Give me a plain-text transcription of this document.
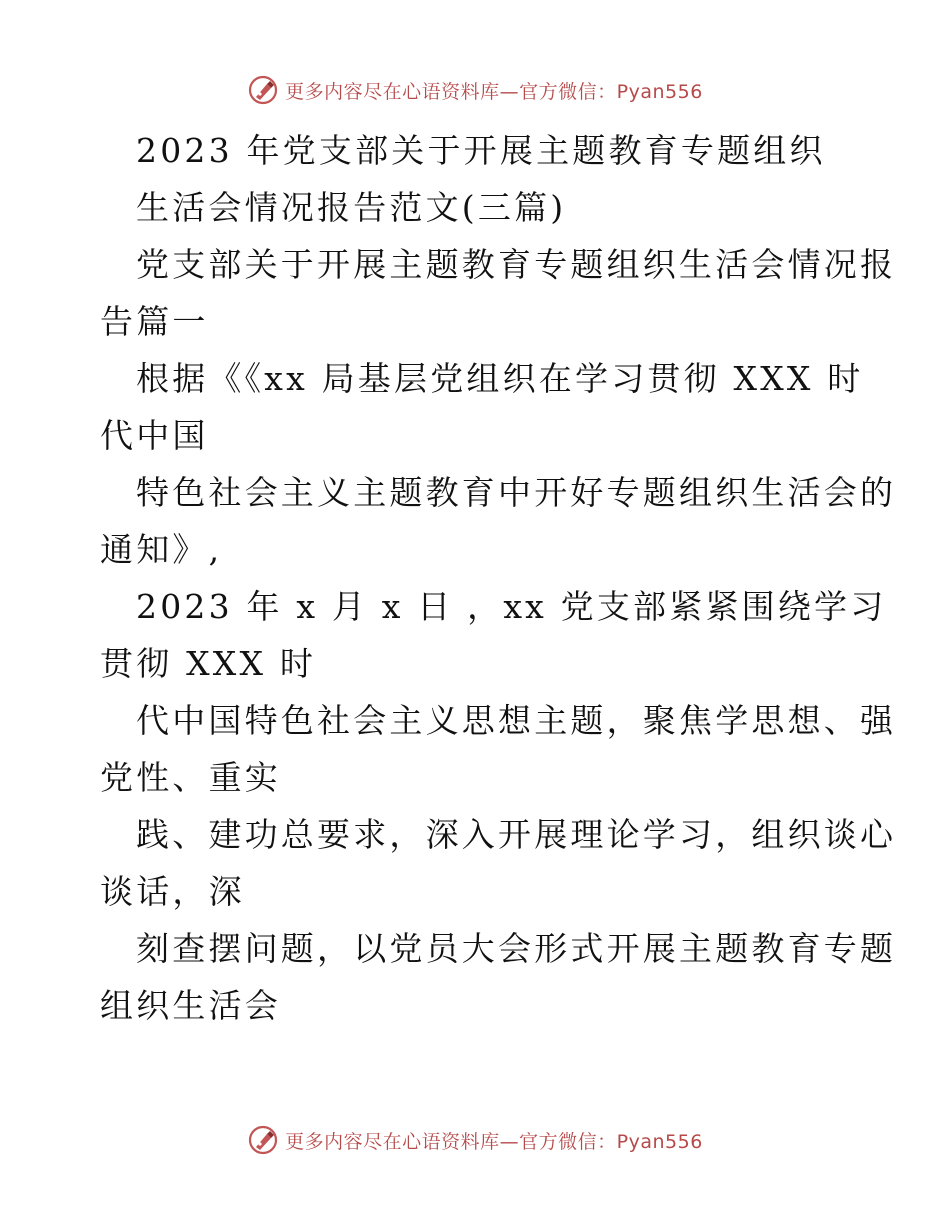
更多内容尽在心语资料库—官方微信：Pyan556

2023 年党支部关于开展主题教育专题组织

生活会情况报告范文(三篇)

党支部关于开展主题教育专题组织生活会情况报

告篇一

根据《《xx 局基层党组织在学习贯彻 XXX 时

代中国

特色社会主义主题教育中开好专题组织生活会的

通知》,

2023 年 x 月 x 日 ，xx 党支部紧紧围绕学习

贯彻 XXX 时

代中国特色社会主义思想主题，聚焦学思想、强

党性、重实

践、建功总要求，深入开展理论学习，组织谈心

谈话，深

刻查摆问题，以党员大会形式开展主题教育专题

组织生活会

更多内容尽在心语资料库—官方微信：Pyan556
